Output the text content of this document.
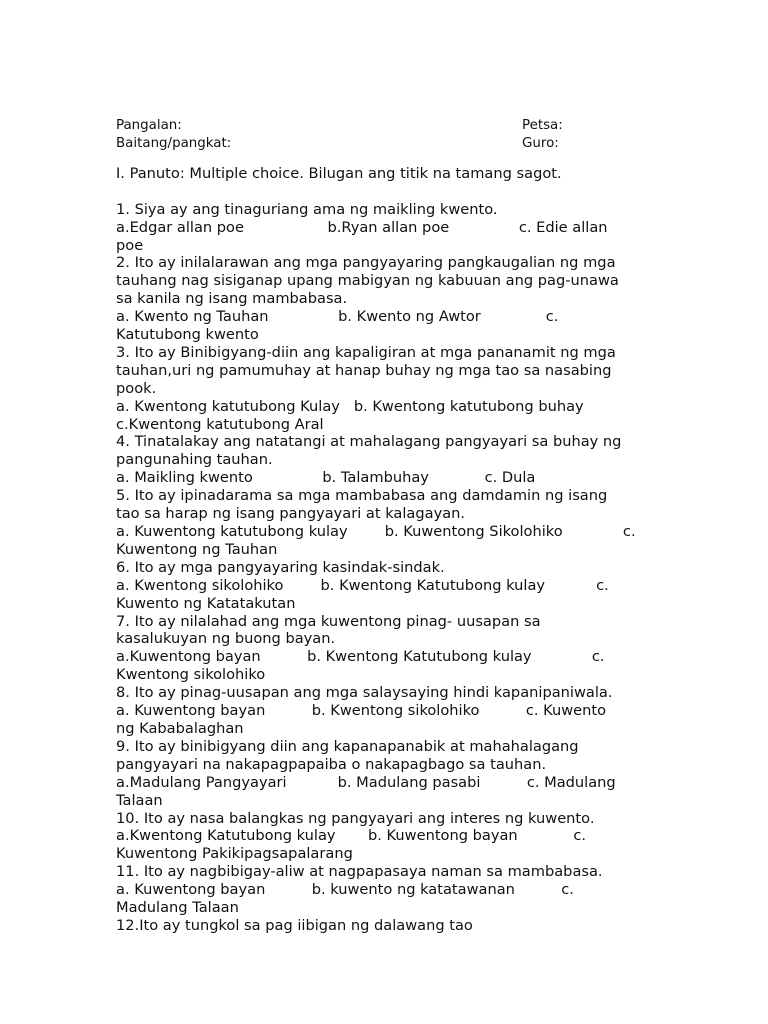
Pangalan:	Petsa:
Baitang/pangkat:	Guro:
I. Panuto: Multiple choice. Bilugan ang titik na tamang sagot.
1. Siya ay ang tinaguriang ama ng maikling kwento.
a.Edgar allan poe                  b.Ryan allan poe               c. Edie allan
poe
2. Ito ay inilalarawan ang mga pangyayaring pangkaugalian ng mga
tauhang nag sisiganap upang mabigyan ng kabuuan ang pag-unawa
sa kanila ng isang mambabasa.
a. Kwento ng Tauhan               b. Kwento ng Awtor              c.
Katutubong kwento
3. Ito ay Binibigyang-diin ang kapaligiran at mga pananamit ng mga
tauhan,uri ng pamumuhay at hanap buhay ng mga tao sa nasabing
pook.
a. Kwentong katutubong Kulay   b. Kwentong katutubong buhay
c.Kwentong katutubong Aral
4. Tinatalakay ang natatangi at mahalagang pangyayari sa buhay ng
pangunahing tauhan.
a. Maikling kwento               b. Talambuhay            c. Dula
5. Ito ay ipinadarama sa mga mambabasa ang damdamin ng isang
tao sa harap ng isang pangyayari at kalagayan.
a. Kuwentong katutubong kulay        b. Kuwentong Sikolohiko             c.
Kuwentong ng Tauhan
6. Ito ay mga pangyayaring kasindak-sindak.
a. Kwentong sikolohiko        b. Kwentong Katutubong kulay           c.
Kuwento ng Katatakutan
7. Ito ay nilalahad ang mga kuwentong pinag- uusapan sa
kasalukuyan ng buong bayan.
a.Kuwentong bayan          b. Kwentong Katutubong kulay             c.
Kwentong sikolohiko
8. Ito ay pinag-uusapan ang mga salaysaying hindi kapanipaniwala.
a. Kuwentong bayan          b. Kwentong sikolohiko          c. Kuwento
ng Kababalaghan
9. Ito ay binibigyang diin ang kapanapanabik at mahahalagang
pangyayari na nakapagpapaiba o nakapagbago sa tauhan.
a.Madulang Pangyayari           b. Madulang pasabi          c. Madulang
Talaan
10. Ito ay nasa balangkas ng pangyayari ang interes ng kuwento.
a.Kwentong Katutubong kulay       b. Kuwentong bayan            c.
Kuwentong Pakikipagsapalarang
11. Ito ay nagbibigay-aliw at nagpapasaya naman sa mambabasa.
a. Kuwentong bayan          b. kuwento ng katatawanan          c.
Madulang Talaan
12.Ito ay tungkol sa pag iibigan ng dalawang tao
